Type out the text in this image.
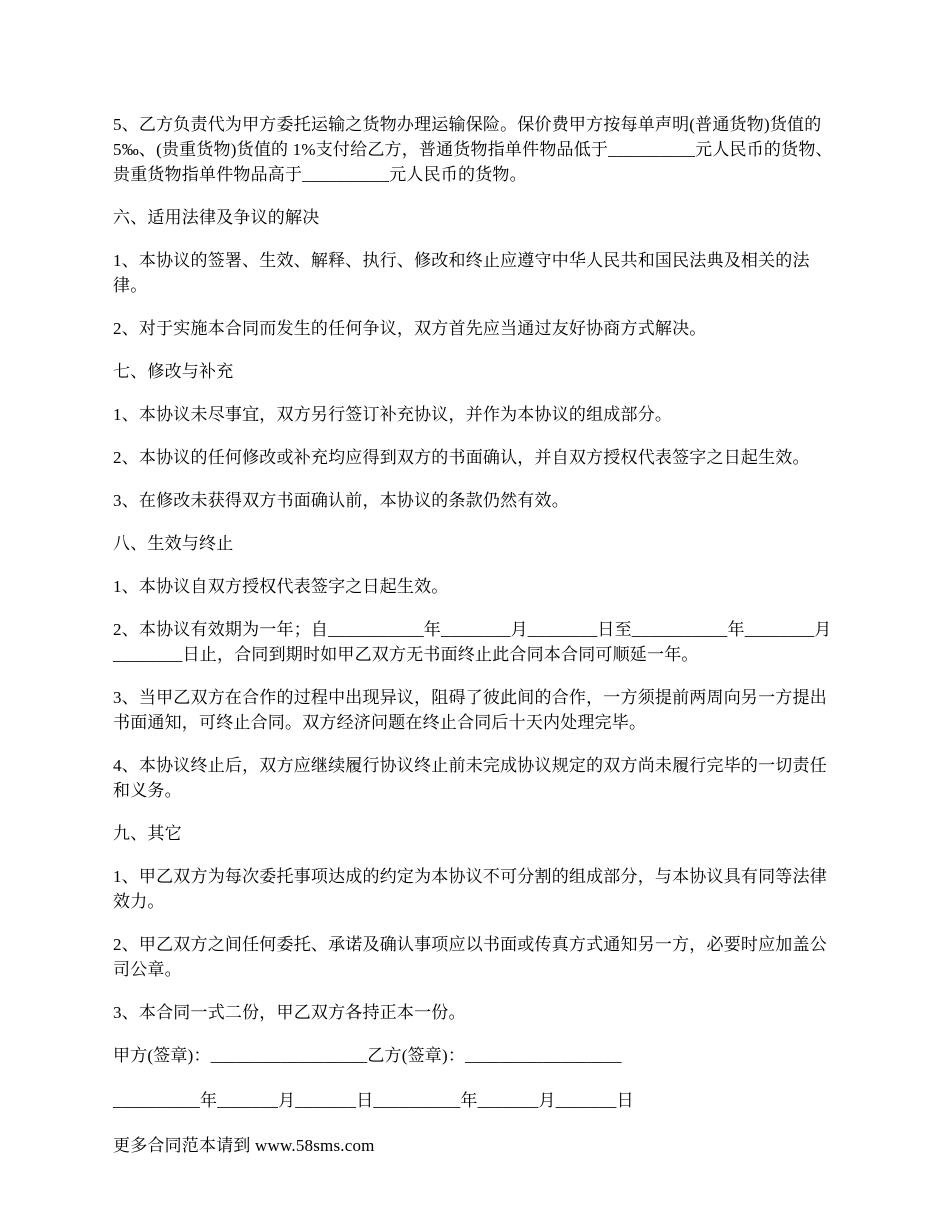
5、乙方负责代为甲方委托运输之货物办理运输保险。保价费甲方按每单声明(普通货物)货值的 5‰、(贵重货物)货值的 1%支付给乙方，普通货物指单件物品低于__________元人民币的货物、贵重货物指单件物品高于__________元人民币的货物。

六、适用法律及争议的解决

1、本协议的签署、生效、解释、执行、修改和终止应遵守中华人民共和国民法典及相关的法律。

2、对于实施本合同而发生的任何争议，双方首先应当通过友好协商方式解决。

七、修改与补充

1、本协议未尽事宜，双方另行签订补充协议，并作为本协议的组成部分。

2、本协议的任何修改或补充均应得到双方的书面确认，并自双方授权代表签字之日起生效。

3、在修改未获得双方书面确认前，本协议的条款仍然有效。

八、生效与终止

1、本协议自双方授权代表签字之日起生效。

2、本协议有效期为一年；自___________年________月________日至___________年________月________日止，合同到期时如甲乙双方无书面终止此合同本合同可顺延一年。

3、当甲乙双方在合作的过程中出现异议，阻碍了彼此间的合作，一方须提前两周向另一方提出书面通知，可终止合同。双方经济问题在终止合同后十天内处理完毕。

4、本协议终止后，双方应继续履行协议终止前未完成协议规定的双方尚未履行完毕的一切责任和义务。

九、其它

1、甲乙双方为每次委托事项达成的约定为本协议不可分割的组成部分，与本协议具有同等法律效力。

2、甲乙双方之间任何委托、承诺及确认事项应以书面或传真方式通知另一方，必要时应加盖公司公章。

3、本合同一式二份，甲乙双方各持正本一份。

甲方(签章)：__________________乙方(签章)：__________________

__________年_______月_______日__________年_______月_______日

更多合同范本请到 www.58sms.com
